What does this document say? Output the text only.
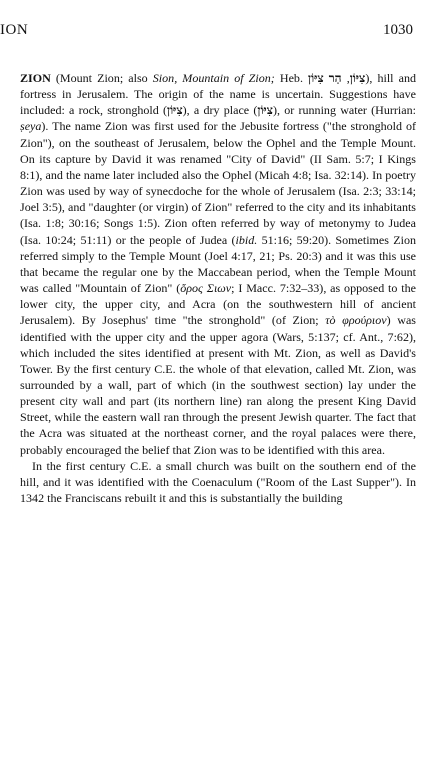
ION	1030

ZION (Mount Zion; also Sion, Mountain of Zion; Heb.	צִיּוֹן, הַר צִיּוֹן ), hill and fortress in Jerusalem. The origin of the name is uncertain. Suggestions have included: a rock, stronghold (צִיּוֹן), a dry place (צִיּוֹן), or running water (Hurrian: ṣeya). The name Zion was first used for the Jebusite fortress ("the stronghold of Zion"), on the southeast of Jerusalem, below the Ophel and the Temple Mount. On its capture by David it was renamed "City of David" (II Sam. 5:7; I Kings 8:1), and the name later included also the Ophel (Micah 4:8; Isa. 32:14). In poetry Zion was used by way of synecdoche for the whole of Jerusalem (Isa. 2:3; 33:14; Joel 3:5), and "daughter (or virgin) of Zion" referred to the city and its inhabitants (Isa. 1:8; 30:16; Songs 1:5). Zion often referred by way of metonymy to Judea (Isa. 10:24; 51:11) or the people of Judea (ibid. 51:16; 59:20). Sometimes Zion referred simply to the Temple Mount (Joel 4:17, 21; Ps. 20:3) and it was this use that became the regular one by the Maccabean period, when the Temple Mount was called "Mountain of Zion" (ὄρος Σιων; I Macc. 7:32–33), as opposed to the lower city, the upper city, and Acra (on the southwestern hill of ancient Jerusalem). By Josephus' time "the stronghold" (of Zion; τὸ φρούριον) was identified with the upper city and the upper agora (Wars, 5:137; cf. Ant., 7:62), which included the sites identified at present with Mt. Zion, as well as David's Tower. By the first century C.E. the whole of that elevation, called Mt. Zion, was surrounded by a wall, part of which (in the southwest section) lay under the present city wall and part (its northern line) ran along the present King David Street, while the eastern wall ran through the present Jewish quarter. The fact that the Acra was situated at the northeast corner, and the royal palaces were there, probably encouraged the belief that Zion was to be identified with this area.

In the first century C.E. a small church was built on the southern end of the hill, and it was identified with the Coenaculum ("Room of the Last Supper"). In 1342 the Franciscans rebuilt it and this is substantially the building
